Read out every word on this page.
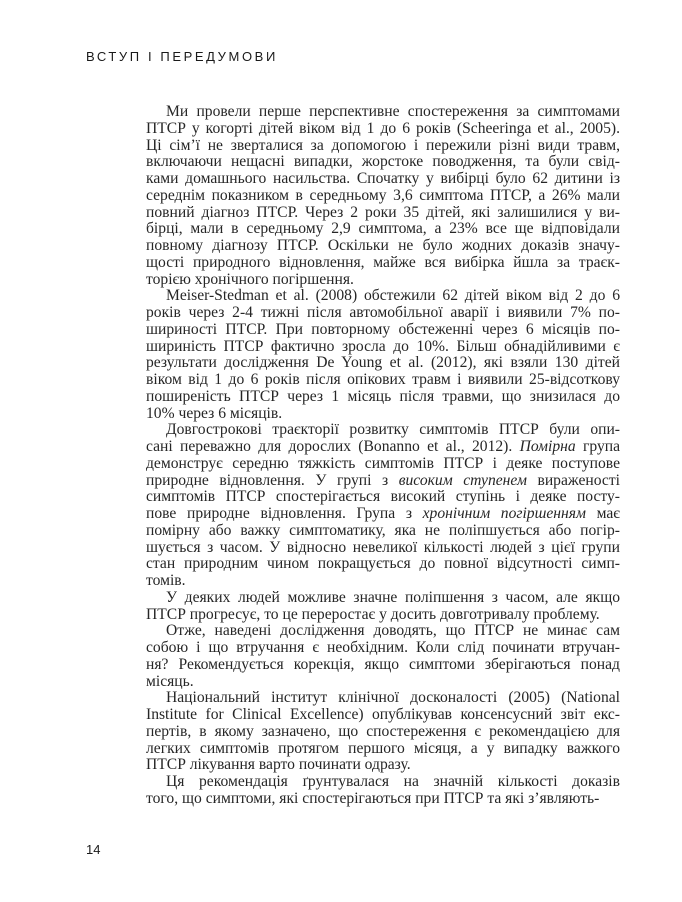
ВСТУП І ПЕРЕДУМОВИ
Ми провели перше перспективне спостереження за симптомами
ПТСР у когорті дітей віком від 1 до 6 років (Scheeringa et al., 2005).
Ці сім’ї не зверталися за допомогою і пережили різні види травм,
включаючи нещасні випадки, жорстоке поводження, та були свід-
ками домашнього насильства. Спочатку у вибірці було 62 дитини із
середнім показником в середньому 3,6 симптома ПТСР, а 26% мали
повний діагноз ПТСР. Через 2 роки 35 дітей, які залишилися у ви-
бірці, мали в середньому 2,9 симптома, а 23% все ще відповідали
повному діагнозу ПТСР. Оскільки не було жодних доказів значу-
щості природного відновлення, майже вся вибірка йшла за траєк-
торією хронічного погіршення.
Meiser-Stedman et al. (2008) обстежили 62 дітей віком від 2 до 6
років через 2-4 тижні після автомобільної аварії і виявили 7% по-
шириності ПТСР. При повторному обстеженні через 6 місяців по-
шириність ПТСР фактично зросла до 10%. Більш обнадійливими є
результати дослідження De Young et al. (2012), які взяли 130 дітей
віком від 1 до 6 років після опікових травм і виявили 25-відсоткову
поширеність ПТСР через 1 місяць після травми, що знизилася до
10% через 6 місяців.
Довгострокові траєкторії розвитку симптомів ПТСР були опи-
сані переважно для дорослих (Bonanno et al., 2012). Помірна група
демонструє середню тяжкість симптомів ПТСР і деяке поступове
природне відновлення. У групі з високим ступенем вираженості
симптомів ПТСР спостерігається високий ступінь і деяке посту-
пове природне відновлення. Група з хронічним погіршенням має
помірну або важку симптоматику, яка не поліпшується або погір-
шується з часом. У відносно невеликої кількості людей з цієї групи
стан природним чином покращується до повної відсутності симп-
томів.
У деяких людей можливе значне поліпшення з часом, але якщо
ПТСР прогресує, то це переростає у досить довготривалу проблему.
Отже, наведені дослідження доводять, що ПТСР не минає сам
собою і що втручання є необхідним. Коли слід починати втручан-
ня? Рекомендується корекція, якщо симптоми зберігаються понад
місяць.
Національний інститут клінічної досконалості (2005) (National
Institute for Clinical Excellence) опублікував консенсусний звіт екс-
пертів, в якому зазначено, що спостереження є рекомендацією для
легких симптомів протягом першого місяця, а у випадку важкого
ПТСР лікування варто починати одразу.
Ця рекомендація ґрунтувалася на значній кількості доказів
того, що симптоми, які спостерігаються при ПТСР та які з’являють-
14
